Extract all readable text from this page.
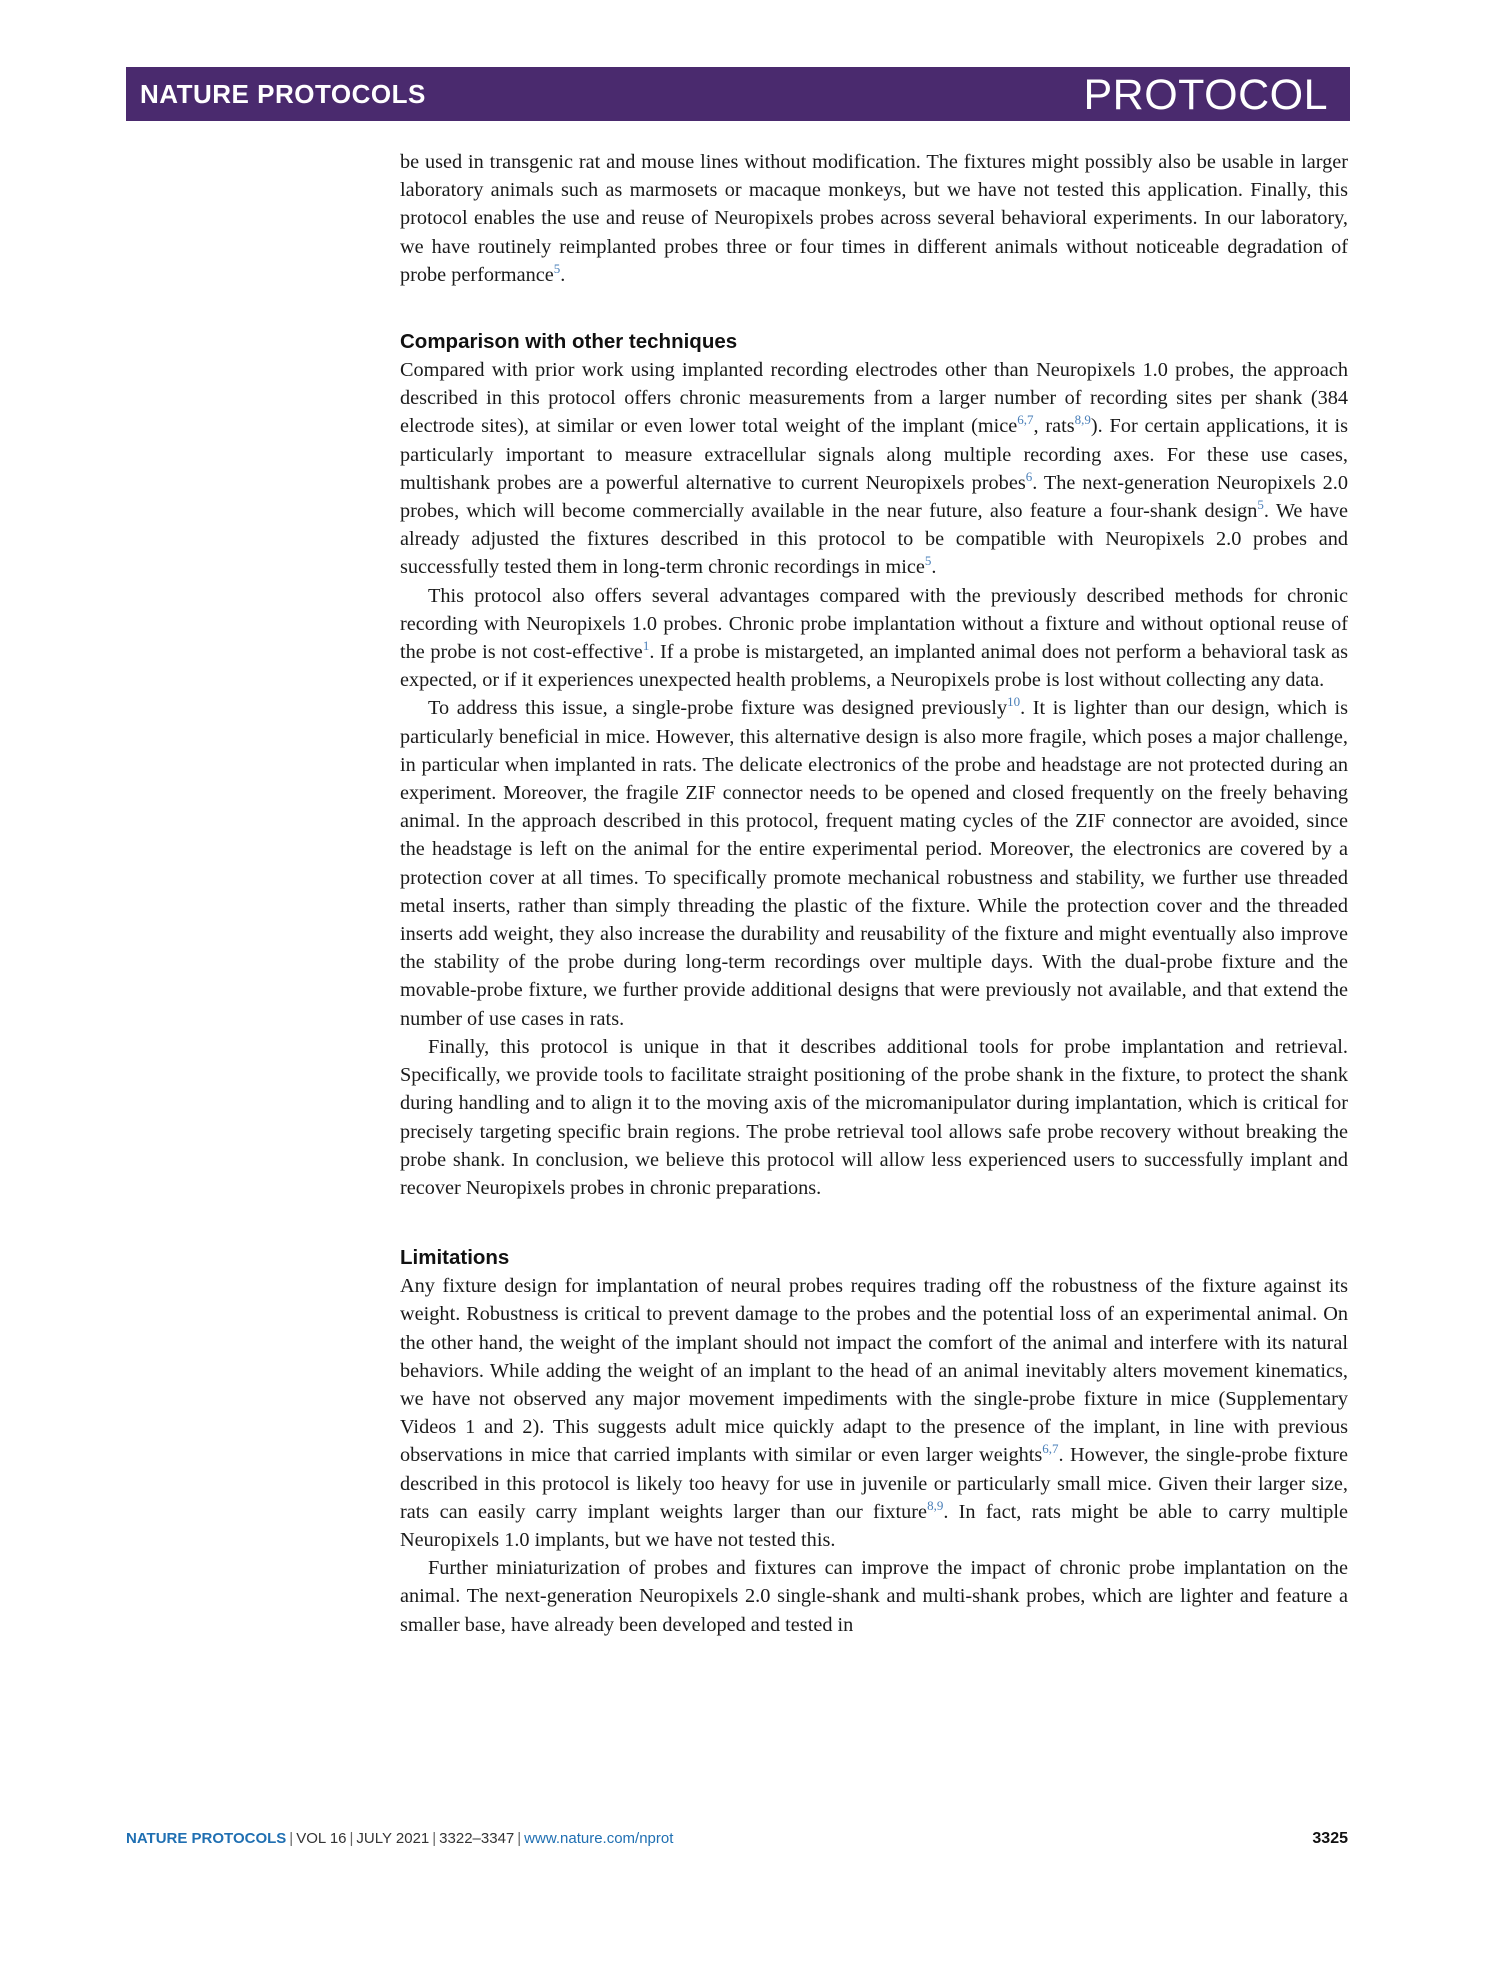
NATURE PROTOCOLS	PROTOCOL

be used in transgenic rat and mouse lines without modification. The fixtures might possibly also be usable in larger laboratory animals such as marmosets or macaque monkeys, but we have not tested this application. Finally, this protocol enables the use and reuse of Neuropixels probes across several behavioral experiments. In our laboratory, we have routinely reimplanted probes three or four times in different animals without noticeable degradation of probe performance$^5$.

Comparison with other techniques

Compared with prior work using implanted recording electrodes other than Neuropixels 1.0 probes, the approach described in this protocol offers chronic measurements from a larger number of recording sites per shank (384 electrode sites), at similar or even lower total weight of the implant (mice$^{6,7}$, rats$^{8,9}$). For certain applications, it is particularly important to measure extracellular signals along multiple recording axes. For these use cases, multishank probes are a powerful alternative to current Neuropixels probes$^6$. The next-generation Neuropixels 2.0 probes, which will become commercially available in the near future, also feature a four-shank design$^5$. We have already adjusted the fixtures described in this protocol to be compatible with Neuropixels 2.0 probes and successfully tested them in long-term chronic recordings in mice$^5$.

This protocol also offers several advantages compared with the previously described methods for chronic recording with Neuropixels 1.0 probes. Chronic probe implantation without a fixture and without optional reuse of the probe is not cost-effective$^1$. If a probe is mistargeted, an implanted animal does not perform a behavioral task as expected, or if it experiences unexpected health problems, a Neuropixels probe is lost without collecting any data.

To address this issue, a single-probe fixture was designed previously$^{10}$. It is lighter than our design, which is particularly beneficial in mice. However, this alternative design is also more fragile, which poses a major challenge, in particular when implanted in rats. The delicate electronics of the probe and headstage are not protected during an experiment. Moreover, the fragile ZIF connector needs to be opened and closed frequently on the freely behaving animal. In the approach described in this protocol, frequent mating cycles of the ZIF connector are avoided, since the headstage is left on the animal for the entire experimental period. Moreover, the electronics are covered by a protection cover at all times. To specifically promote mechanical robustness and stability, we further use threaded metal inserts, rather than simply threading the plastic of the fixture. While the protection cover and the threaded inserts add weight, they also increase the durability and reusability of the fixture and might eventually also improve the stability of the probe during long-term recordings over multiple days. With the dual-probe fixture and the movable-probe fixture, we further provide additional designs that were previously not available, and that extend the number of use cases in rats.

Finally, this protocol is unique in that it describes additional tools for probe implantation and retrieval. Specifically, we provide tools to facilitate straight positioning of the probe shank in the fixture, to protect the shank during handling and to align it to the moving axis of the micromanipulator during implantation, which is critical for precisely targeting specific brain regions. The probe retrieval tool allows safe probe recovery without breaking the probe shank. In conclusion, we believe this protocol will allow less experienced users to successfully implant and recover Neuropixels probes in chronic preparations.

Limitations

Any fixture design for implantation of neural probes requires trading off the robustness of the fixture against its weight. Robustness is critical to prevent damage to the probes and the potential loss of an experimental animal. On the other hand, the weight of the implant should not impact the comfort of the animal and interfere with its natural behaviors. While adding the weight of an implant to the head of an animal inevitably alters movement kinematics, we have not observed any major movement impediments with the single-probe fixture in mice (Supplementary Videos 1 and 2). This suggests adult mice quickly adapt to the presence of the implant, in line with previous observations in mice that carried implants with similar or even larger weights$^{6,7}$. However, the single-probe fixture described in this protocol is likely too heavy for use in juvenile or particularly small mice. Given their larger size, rats can easily carry implant weights larger than our fixture$^{8,9}$. In fact, rats might be able to carry multiple Neuropixels 1.0 implants, but we have not tested this.

Further miniaturization of probes and fixtures can improve the impact of chronic probe implantation on the animal. The next-generation Neuropixels 2.0 single-shank and multi-shank probes, which are lighter and feature a smaller base, have already been developed and tested in

NATURE PROTOCOLS | VOL 16 | JULY 2021 | 3322–3347 | www.nature.com/nprot	3325
